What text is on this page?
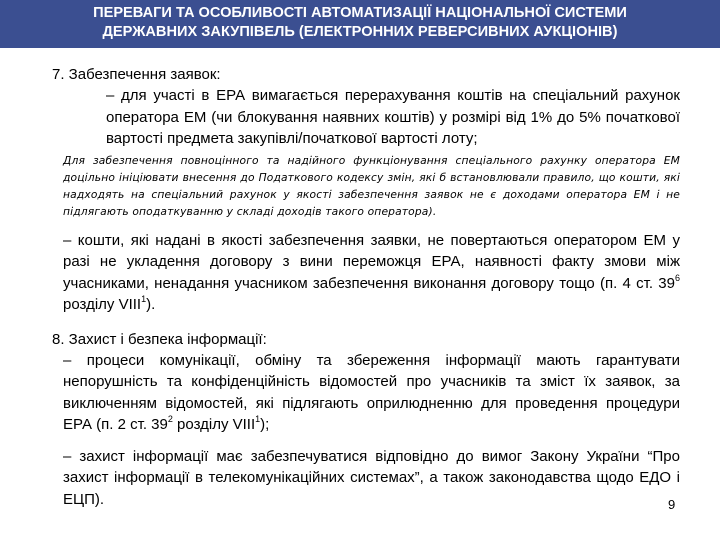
ПЕРЕВАГИ ТА ОСОБЛИВОСТІ АВТОМАТИЗАЦІЇ НАЦІОНАЛЬНОЇ СИСТЕМИ
ДЕРЖАВНИХ ЗАКУПІВЕЛЬ (ЕЛЕКТРОННИХ РЕВЕРСИВНИХ АУКЦІОНІВ)
7. Забезпечення заявок:
– для участі в ЕРА вимагається перерахування коштів на спеціальний рахунок оператора ЕМ (чи блокування наявних коштів) у розмірі від 1% до 5% початкової вартості предмета закупівлі/початкової вартості лоту;
Для забезпечення повноцінного та надійного функціонування спеціального рахунку оператора ЕМ доцільно ініціювати внесення до Податкового кодексу змін, які б встановлювали правило, що кошти, які надходять на спеціальний рахунок у якості забезпечення заявок не є доходами оператора ЕМ і не підлягають оподаткуванню у складі доходів такого оператора).
– кошти, які надані в якості забезпечення заявки, не повертаються оператором ЕМ у разі не укладення договору з вини переможця ЕРА, наявності факту змови між учасниками, ненадання учасником забезпечення виконання договору тощо (п. 4 ст. $39^6$ розділу VIII$^1$).
8. Захист і безпека інформації:
– процеси комунікації, обміну та збереження інформації мають гарантувати непорушність та конфіденційність відомостей про учасників та зміст їх заявок, за виключенням відомостей, які підлягають оприлюдненню для проведення процедури ЕРА (п. 2 ст. $39^2$ розділу VIII$^1$);
– захист інформації має забезпечуватися відповідно до вимог Закону України “Про захист інформації в телекомунікаційних системах”, а також законодавства щодо ЕДО і ЕЦП).	9
